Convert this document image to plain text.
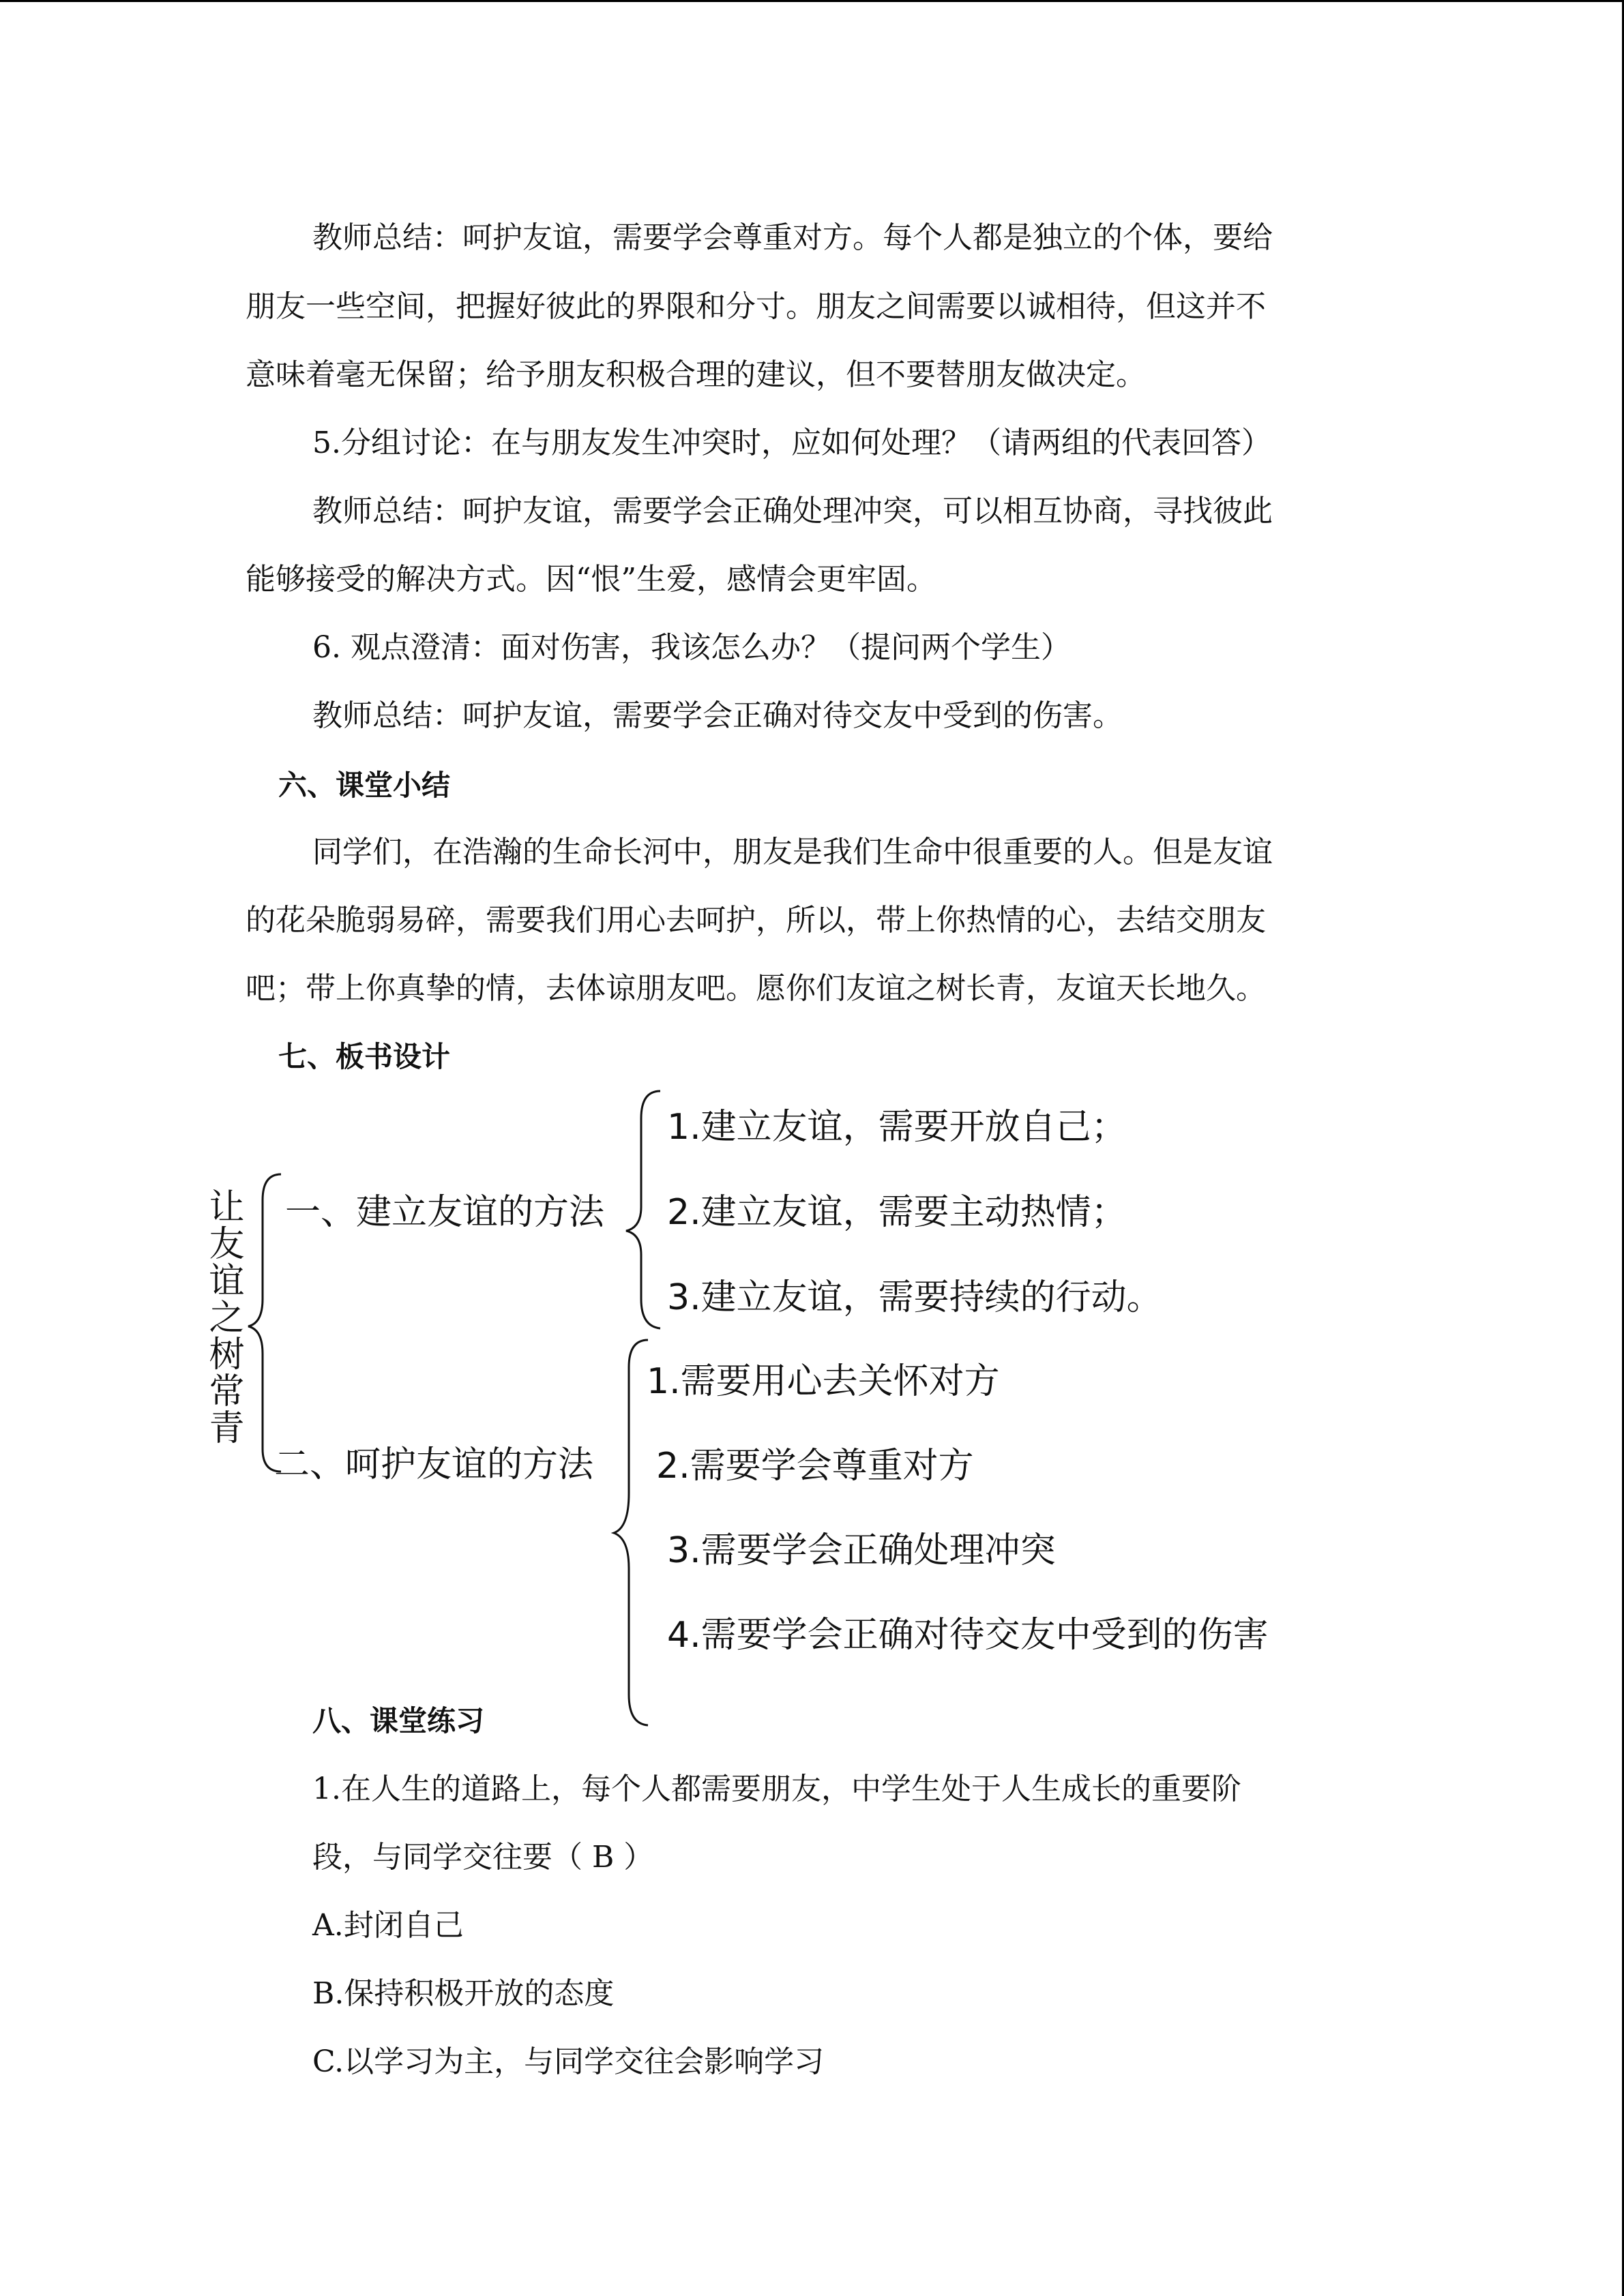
教师总结：呵护友谊，需要学会尊重对方。每个人都是独立的个体，要给
朋友一些空间，把握好彼此的界限和分寸。朋友之间需要以诚相待，但这并不
意味着毫无保留；给予朋友积极合理的建议，但不要替朋友做决定。
5.分组讨论：在与朋友发生冲突时，应如何处理？（请两组的代表回答）
教师总结：呵护友谊，需要学会正确处理冲突，可以相互协商，寻找彼此
能够接受的解决方式。因“恨”生爱，感情会更牢固。
6. 观点澄清：面对伤害，我该怎么办？（提问两个学生）
教师总结：呵护友谊，需要学会正确对待交友中受到的伤害。
六、课堂小结
同学们，在浩瀚的生命长河中，朋友是我们生命中很重要的人。但是友谊
的花朵脆弱易碎，需要我们用心去呵护，所以，带上你热情的心，去结交朋友
吧；带上你真挚的情，去体谅朋友吧。愿你们友谊之树长青，友谊天长地久。
七、板书设计
让友谊之树常青 一、建立友谊的方法
1.建立友谊，需要开放自己；
2.建立友谊，需要主动热情；
3.建立友谊，需要持续的行动。
二、呵护友谊的方法
1.需要用心去关怀对方
2.需要学会尊重对方
3.需要学会正确处理冲突
4.需要学会正确对待交友中受到的伤害
八、课堂练习
1.在人生的道路上，每个人都需要朋友，中学生处于人生成长的重要阶
段，与同学交往要（ B ）
A.封闭自己
B.保持积极开放的态度
C.以学习为主，与同学交往会影响学习
